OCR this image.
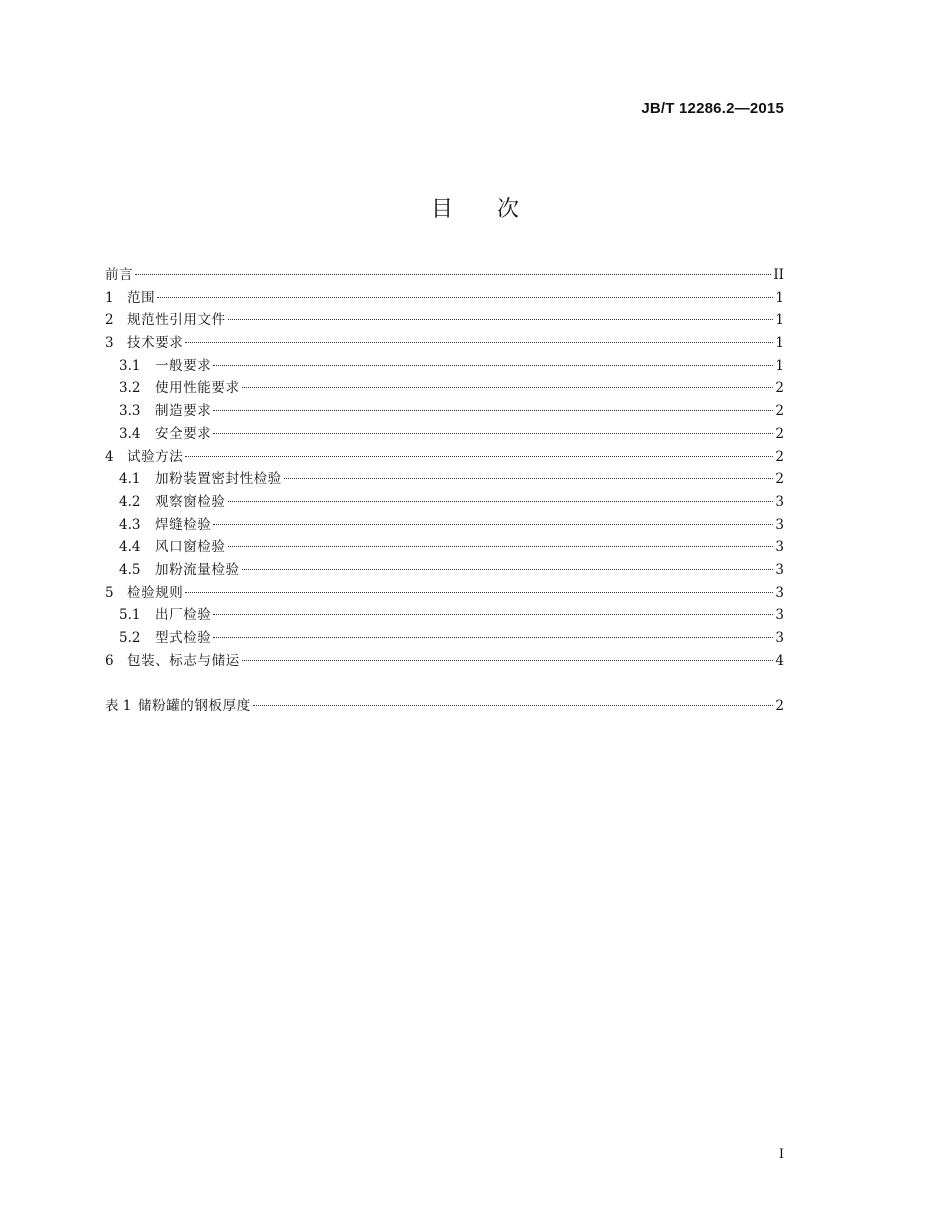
JB/T 12286.2—2015
目 次
前言	II
1 范围	1
2 规范性引用文件	1
3 技术要求	1
3.1	一般要求	1
3.2	使用性能要求	2
3.3	制造要求	2
3.4	安全要求	2
4 试验方法	2
4.1	加粉装置密封性检验	2
4.2	观察窗检验	3
4.3	焊缝检验	3
4.4	风口窗检验	3
4.5	加粉流量检验	3
5 检验规则	3
5.1	出厂检验	3
5.2	型式检验	3
6 包装、标志与储运	4
表 1 储粉罐的钢板厚度	2
I
